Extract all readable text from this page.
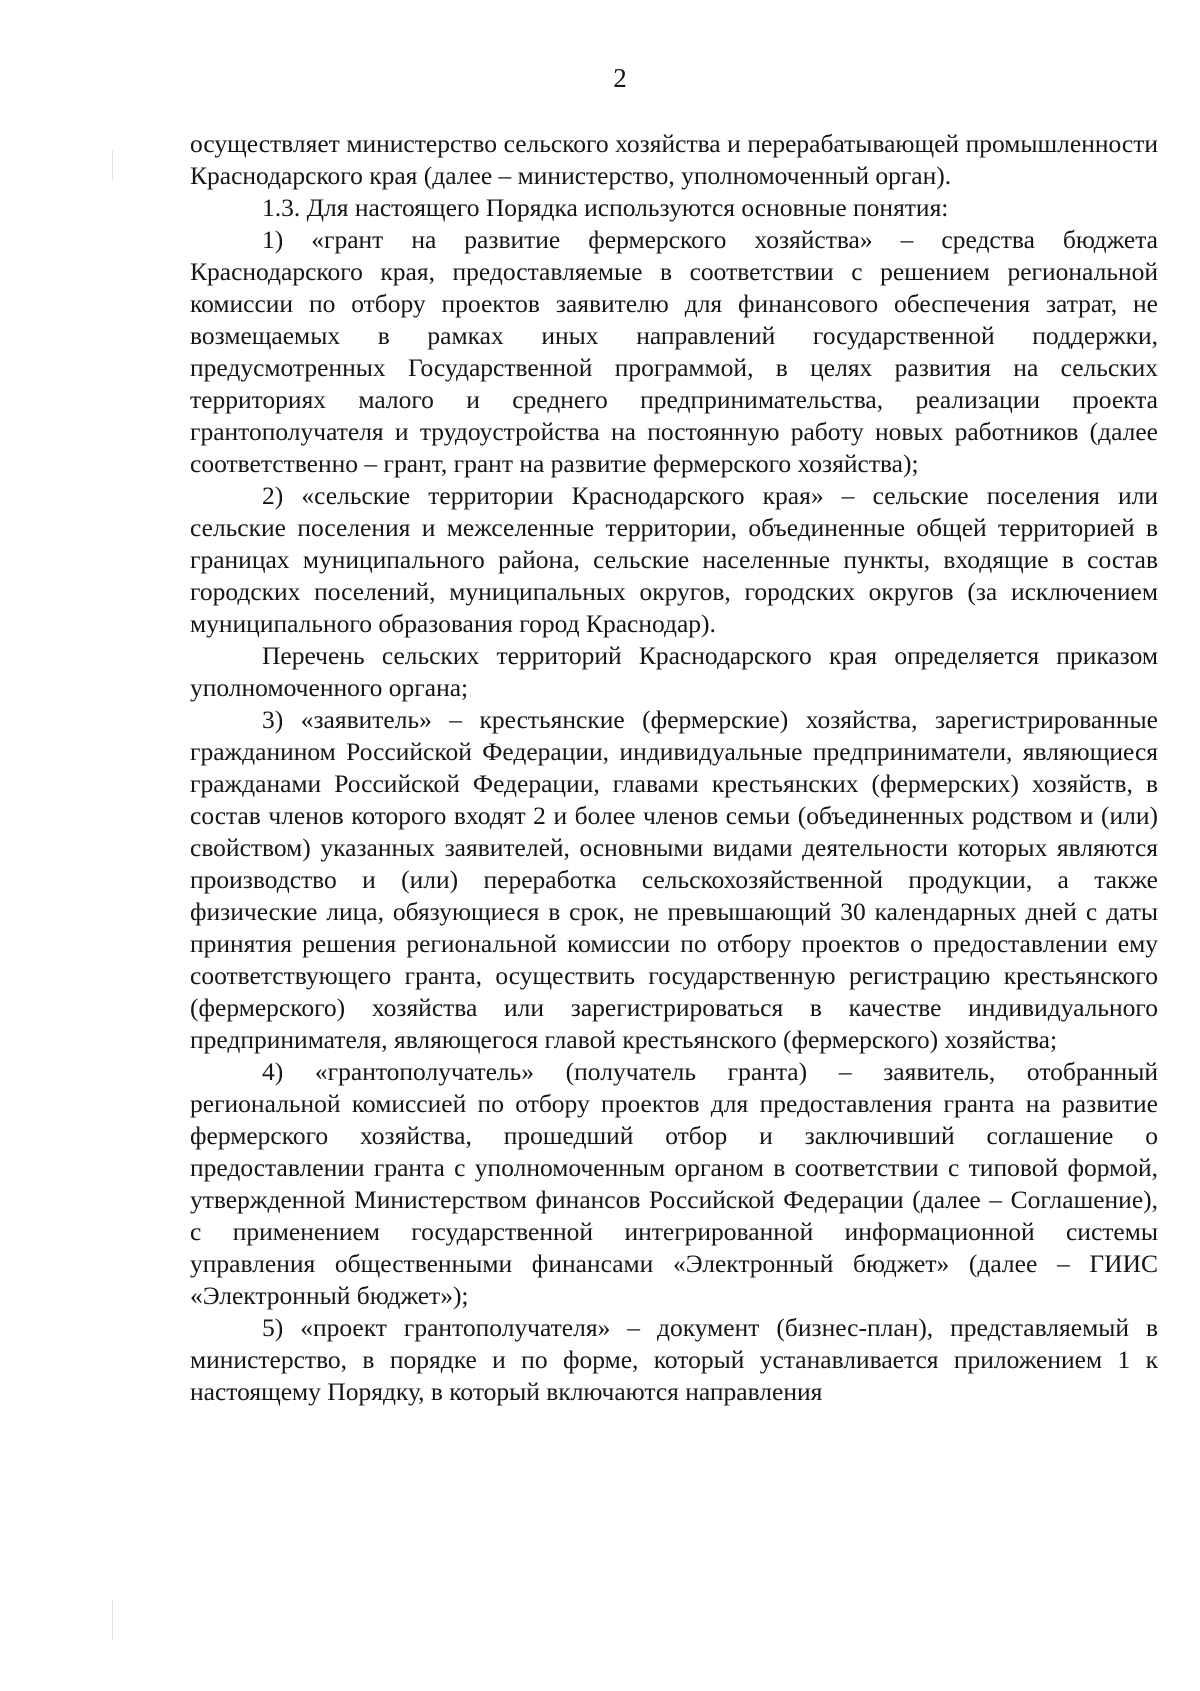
2

осуществляет министерство сельского хозяйства и перерабатывающей промышленности Краснодарского края (далее – министерство, уполномоченный орган).

1.3. Для настоящего Порядка используются основные понятия:

1) «грант на развитие фермерского хозяйства» – средства бюджета Краснодарского края, предоставляемые в соответствии с решением региональной комиссии по отбору проектов заявителю для финансового обеспечения затрат, не возмещаемых в рамках иных направлений государственной поддержки, предусмотренных Государственной программой, в целях развития на сельских территориях малого и среднего предпринимательства, реализации проекта грантополучателя и трудоустройства на постоянную работу новых работников (далее соответственно – грант, грант на развитие фермерского хозяйства);

2) «сельские территории Краснодарского края» – сельские поселения или сельские поселения и межселенные территории, объединенные общей территорией в границах муниципального района, сельские населенные пункты, входящие в состав городских поселений, муниципальных округов, городских округов (за исключением муниципального образования город Краснодар).

Перечень сельских территорий Краснодарского края определяется приказом уполномоченного органа;

3) «заявитель» – крестьянские (фермерские) хозяйства, зарегистрированные гражданином Российской Федерации, индивидуальные предприниматели, являющиеся гражданами Российской Федерации, главами крестьянских (фермерских) хозяйств, в состав членов которого входят 2 и более членов семьи (объединенных родством и (или) свойством) указанных заявителей, основными видами деятельности которых являются производство и (или) переработка сельскохозяйственной продукции, а также физические лица, обязующиеся в срок, не превышающий 30 календарных дней с даты принятия решения региональной комиссии по отбору проектов о предоставлении ему соответствующего гранта, осуществить государственную регистрацию крестьянского (фермерского) хозяйства или зарегистрироваться в качестве индивидуального предпринимателя, являющегося главой крестьянского (фермерского) хозяйства;

4) «грантополучатель» (получатель гранта) – заявитель, отобранный региональной комиссией по отбору проектов для предоставления гранта на развитие фермерского хозяйства, прошедший отбор и заключивший соглашение о предоставлении гранта с уполномоченным органом в соответствии с типовой формой, утвержденной Министерством финансов Российской Федерации (далее – Соглашение), с применением государственной интегрированной информационной системы управления общественными финансами «Электронный бюджет» (далее – ГИИС «Электронный бюджет»);

5) «проект грантополучателя» – документ (бизнес-план), представляемый в министерство, в порядке и по форме, который устанавливается приложением 1 к настоящему Порядку, в который включаются направления
